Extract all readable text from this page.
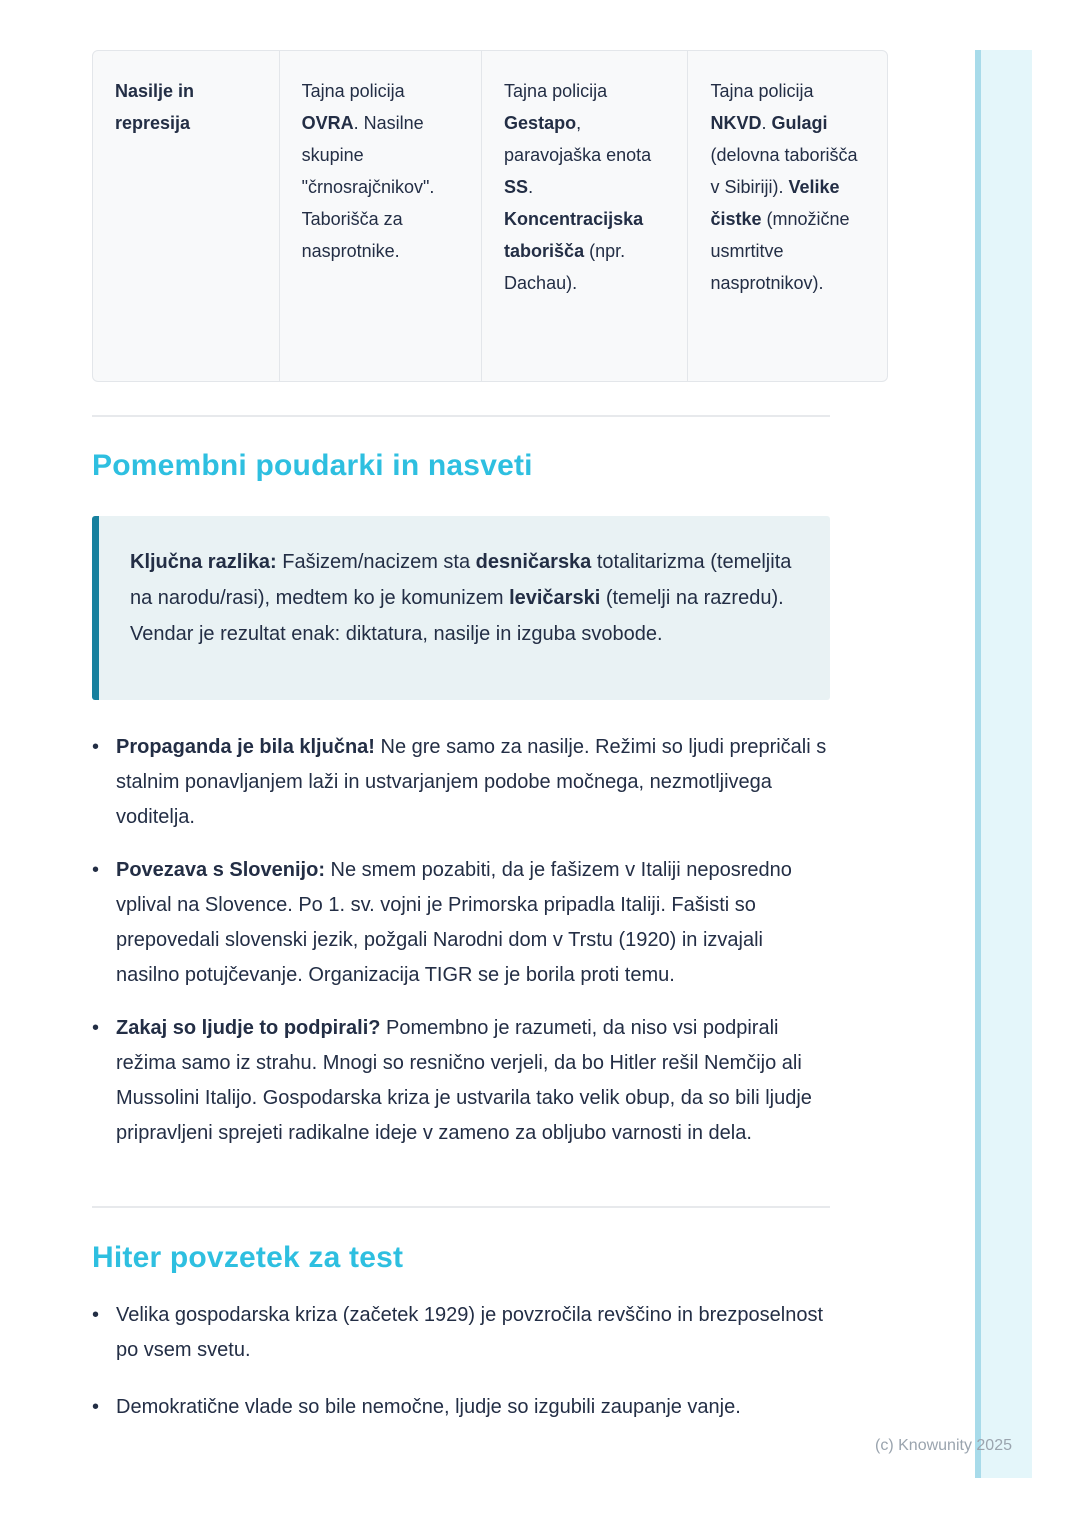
Nasilje in represija
Tajna policija OVRA. Nasilne skupine "črnosrajčnikov". Taborišča za nasprotnike.
Tajna policija Gestapo, paravojaška enota SS. Koncentracijska taborišča (npr. Dachau).
Tajna policija NKVD. Gulagi (delovna taborišča v Sibiriji). Velike čistke (množične usmrtitve nasprotnikov).
Pomembni poudarki in nasveti

Ključna razlika: Fašizem/nacizem sta desničarska totalitarizma (temeljita na narodu/rasi), medtem ko je komunizem levičarski (temelji na razredu). Vendar je rezultat enak: diktatura, nasilje in izguba svobode.

• Propaganda je bila ključna! Ne gre samo za nasilje. Režimi so ljudi prepričali s stalnim ponavljanjem laži in ustvarjanjem podobe močnega, nezmotljivega voditelja.

• Povezava s Slovenijo: Ne smem pozabiti, da je fašizem v Italiji neposredno vplival na Slovence. Po 1. sv. vojni je Primorska pripadla Italiji. Fašisti so prepovedali slovenski jezik, požgali Narodni dom v Trstu (1920) in izvajali nasilno potujčevanje. Organizacija TIGR se je borila proti temu.

• Zakaj so ljudje to podpirali? Pomembno je razumeti, da niso vsi podpirali režima samo iz strahu. Mnogi so resnično verjeli, da bo Hitler rešil Nemčijo ali Mussolini Italijo. Gospodarska kriza je ustvarila tako velik obup, da so bili ljudje pripravljeni sprejeti radikalne ideje v zameno za obljubo varnosti in dela.

Hiter povzetek za test
• Velika gospodarska kriza (začetek 1929) je povzročila revščino in brezposelnost po vsem svetu.

• Demokratične vlade so bile nemočne, ljudje so izgubili zaupanje vanje.

(c) Knowunity 2025
